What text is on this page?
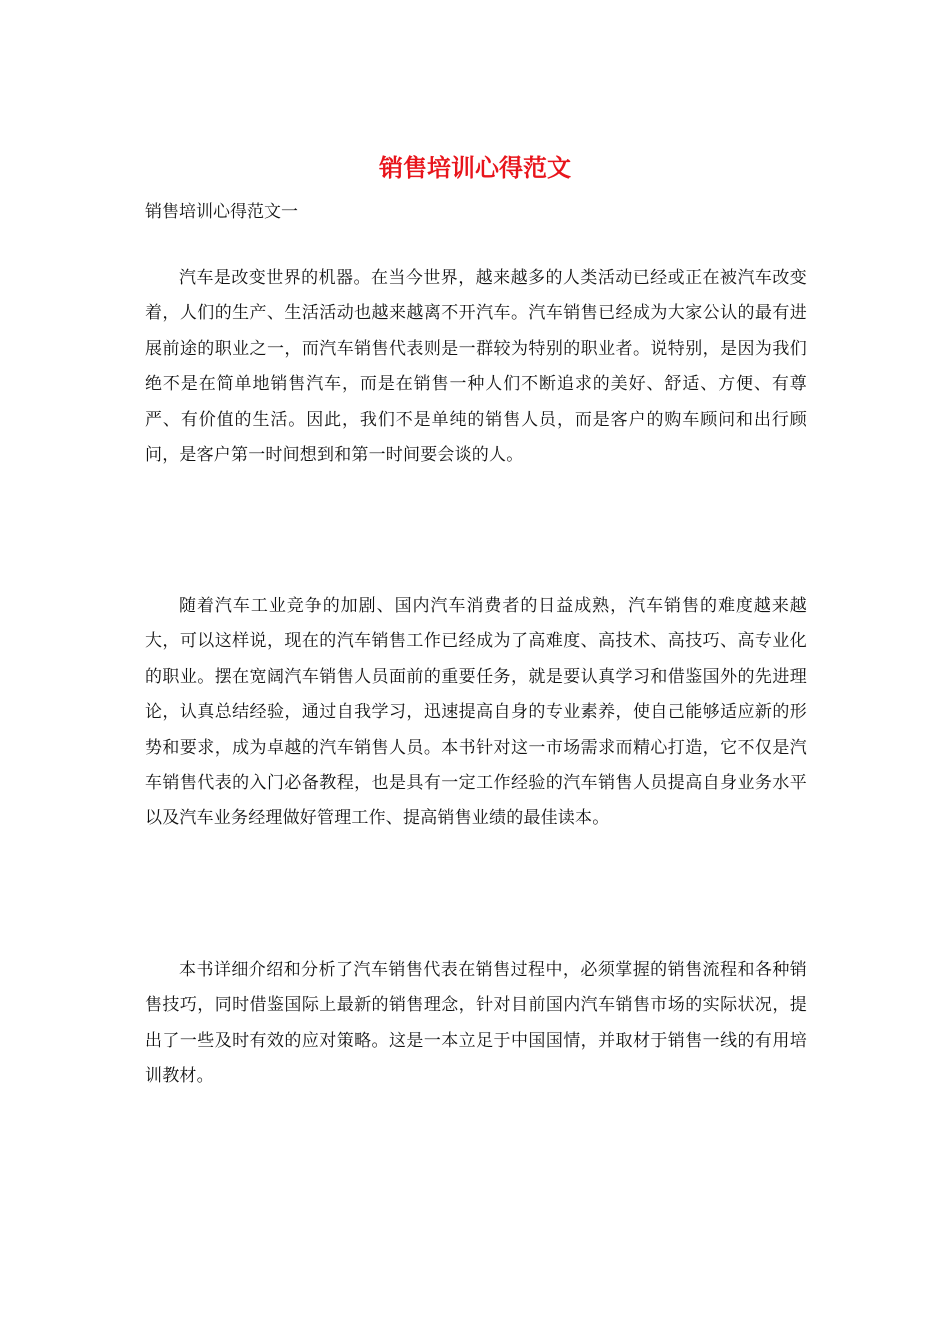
销售培训心得范文

销售培训心得范文一

汽车是改变世界的机器。在当今世界，越来越多的人类活动已经或正在被汽车改变着，人们的生产、生活活动也越来越离不开汽车。汽车销售已经成为大家公认的最有进展前途的职业之一，而汽车销售代表则是一群较为特别的职业者。说特别，是因为我们绝不是在简单地销售汽车，而是在销售一种人们不断追求的美好、舒适、方便、有尊严、有价值的生活。因此，我们不是单纯的销售人员，而是客户的购车顾问和出行顾问，是客户第一时间想到和第一时间要会谈的人。

随着汽车工业竞争的加剧、国内汽车消费者的日益成熟，汽车销售的难度越来越大，可以这样说，现在的汽车销售工作已经成为了高难度、高技术、高技巧、高专业化的职业。摆在宽阔汽车销售人员面前的重要任务，就是要认真学习和借鉴国外的先进理论，认真总结经验，通过自我学习，迅速提高自身的专业素养，使自己能够适应新的形势和要求，成为卓越的汽车销售人员。本书针对这一市场需求而精心打造，它不仅是汽车销售代表的入门必备教程，也是具有一定工作经验的汽车销售人员提高自身业务水平以及汽车业务经理做好管理工作、提高销售业绩的最佳读本。

本书详细介绍和分析了汽车销售代表在销售过程中，必须掌握的销售流程和各种销售技巧，同时借鉴国际上最新的销售理念，针对目前国内汽车销售市场的实际状况，提出了一些及时有效的应对策略。这是一本立足于中国国情，并取材于销售一线的有用培训教材。
